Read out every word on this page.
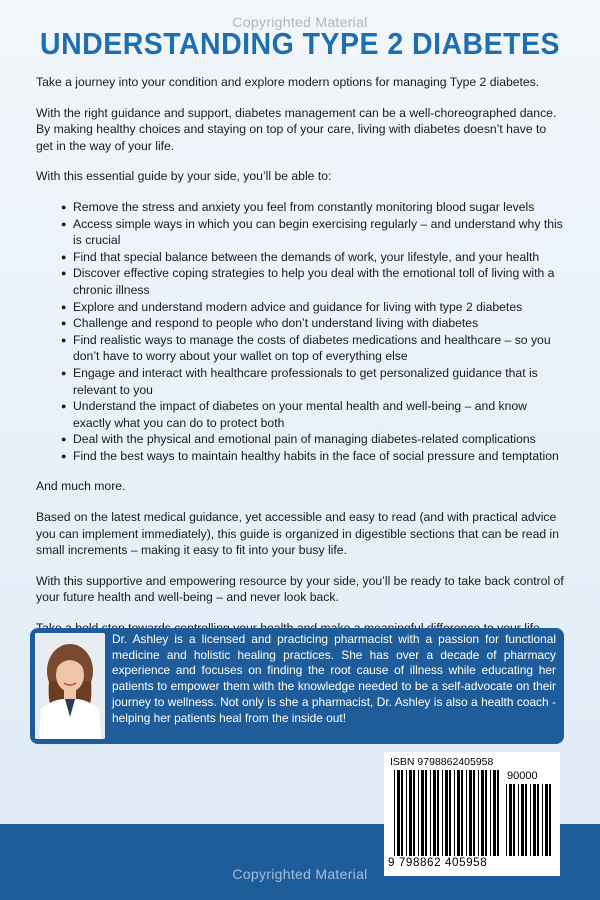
Copyrighted Material
UNDERSTANDING TYPE 2 DIABETES

Take a journey into your condition and explore modern options for managing Type 2 diabetes.

With the right guidance and support, diabetes management can be a well-choreographed dance. By making healthy choices and staying on top of your care, living with diabetes doesn’t have to get in the way of your life.

With this essential guide by your side, you’ll be able to:

● Remove the stress and anxiety you feel from constantly monitoring blood sugar levels
● Access simple ways in which you can begin exercising regularly – and understand why this is crucial
● Find that special balance between the demands of work, your lifestyle, and your health
● Discover effective coping strategies to help you deal with the emotional toll of living with a chronic illness
● Explore and understand modern advice and guidance for living with type 2 diabetes
● Challenge and respond to people who don’t understand living with diabetes
● Find realistic ways to manage the costs of diabetes medications and healthcare – so you don’t have to worry about your wallet on top of everything else
● Engage and interact with healthcare professionals to get personalized guidance that is relevant to you
● Understand the impact of diabetes on your mental health and well-being – and know exactly what you can do to protect both
● Deal with the physical and emotional pain of managing diabetes-related complications
● Find the best ways to maintain healthy habits in the face of social pressure and temptation

And much more.

Based on the latest medical guidance, yet accessible and easy to read (and with practical advice you can implement immediately), this guide is organized in digestible sections that can be read in small increments – making it easy to fit into your busy life.

With this supportive and empowering resource by your side, you’ll be ready to take back control of your future health and well-being – and never look back.

Dr. Ashley is a licensed and practicing pharmacist with a passion for functional medicine and holistic healing practices. She has over a decade of pharmacy experience and focuses on finding the root cause of illness while educating her patients to empower them with the knowledge needed to be a self-advocate on their journey to wellness. Not only is she a pharmacist, Dr. Ashley is also a health coach - helping her patients heal from the inside out!
ISBN 9798862405958
90000
9 798862 405958
Copyrighted Material
